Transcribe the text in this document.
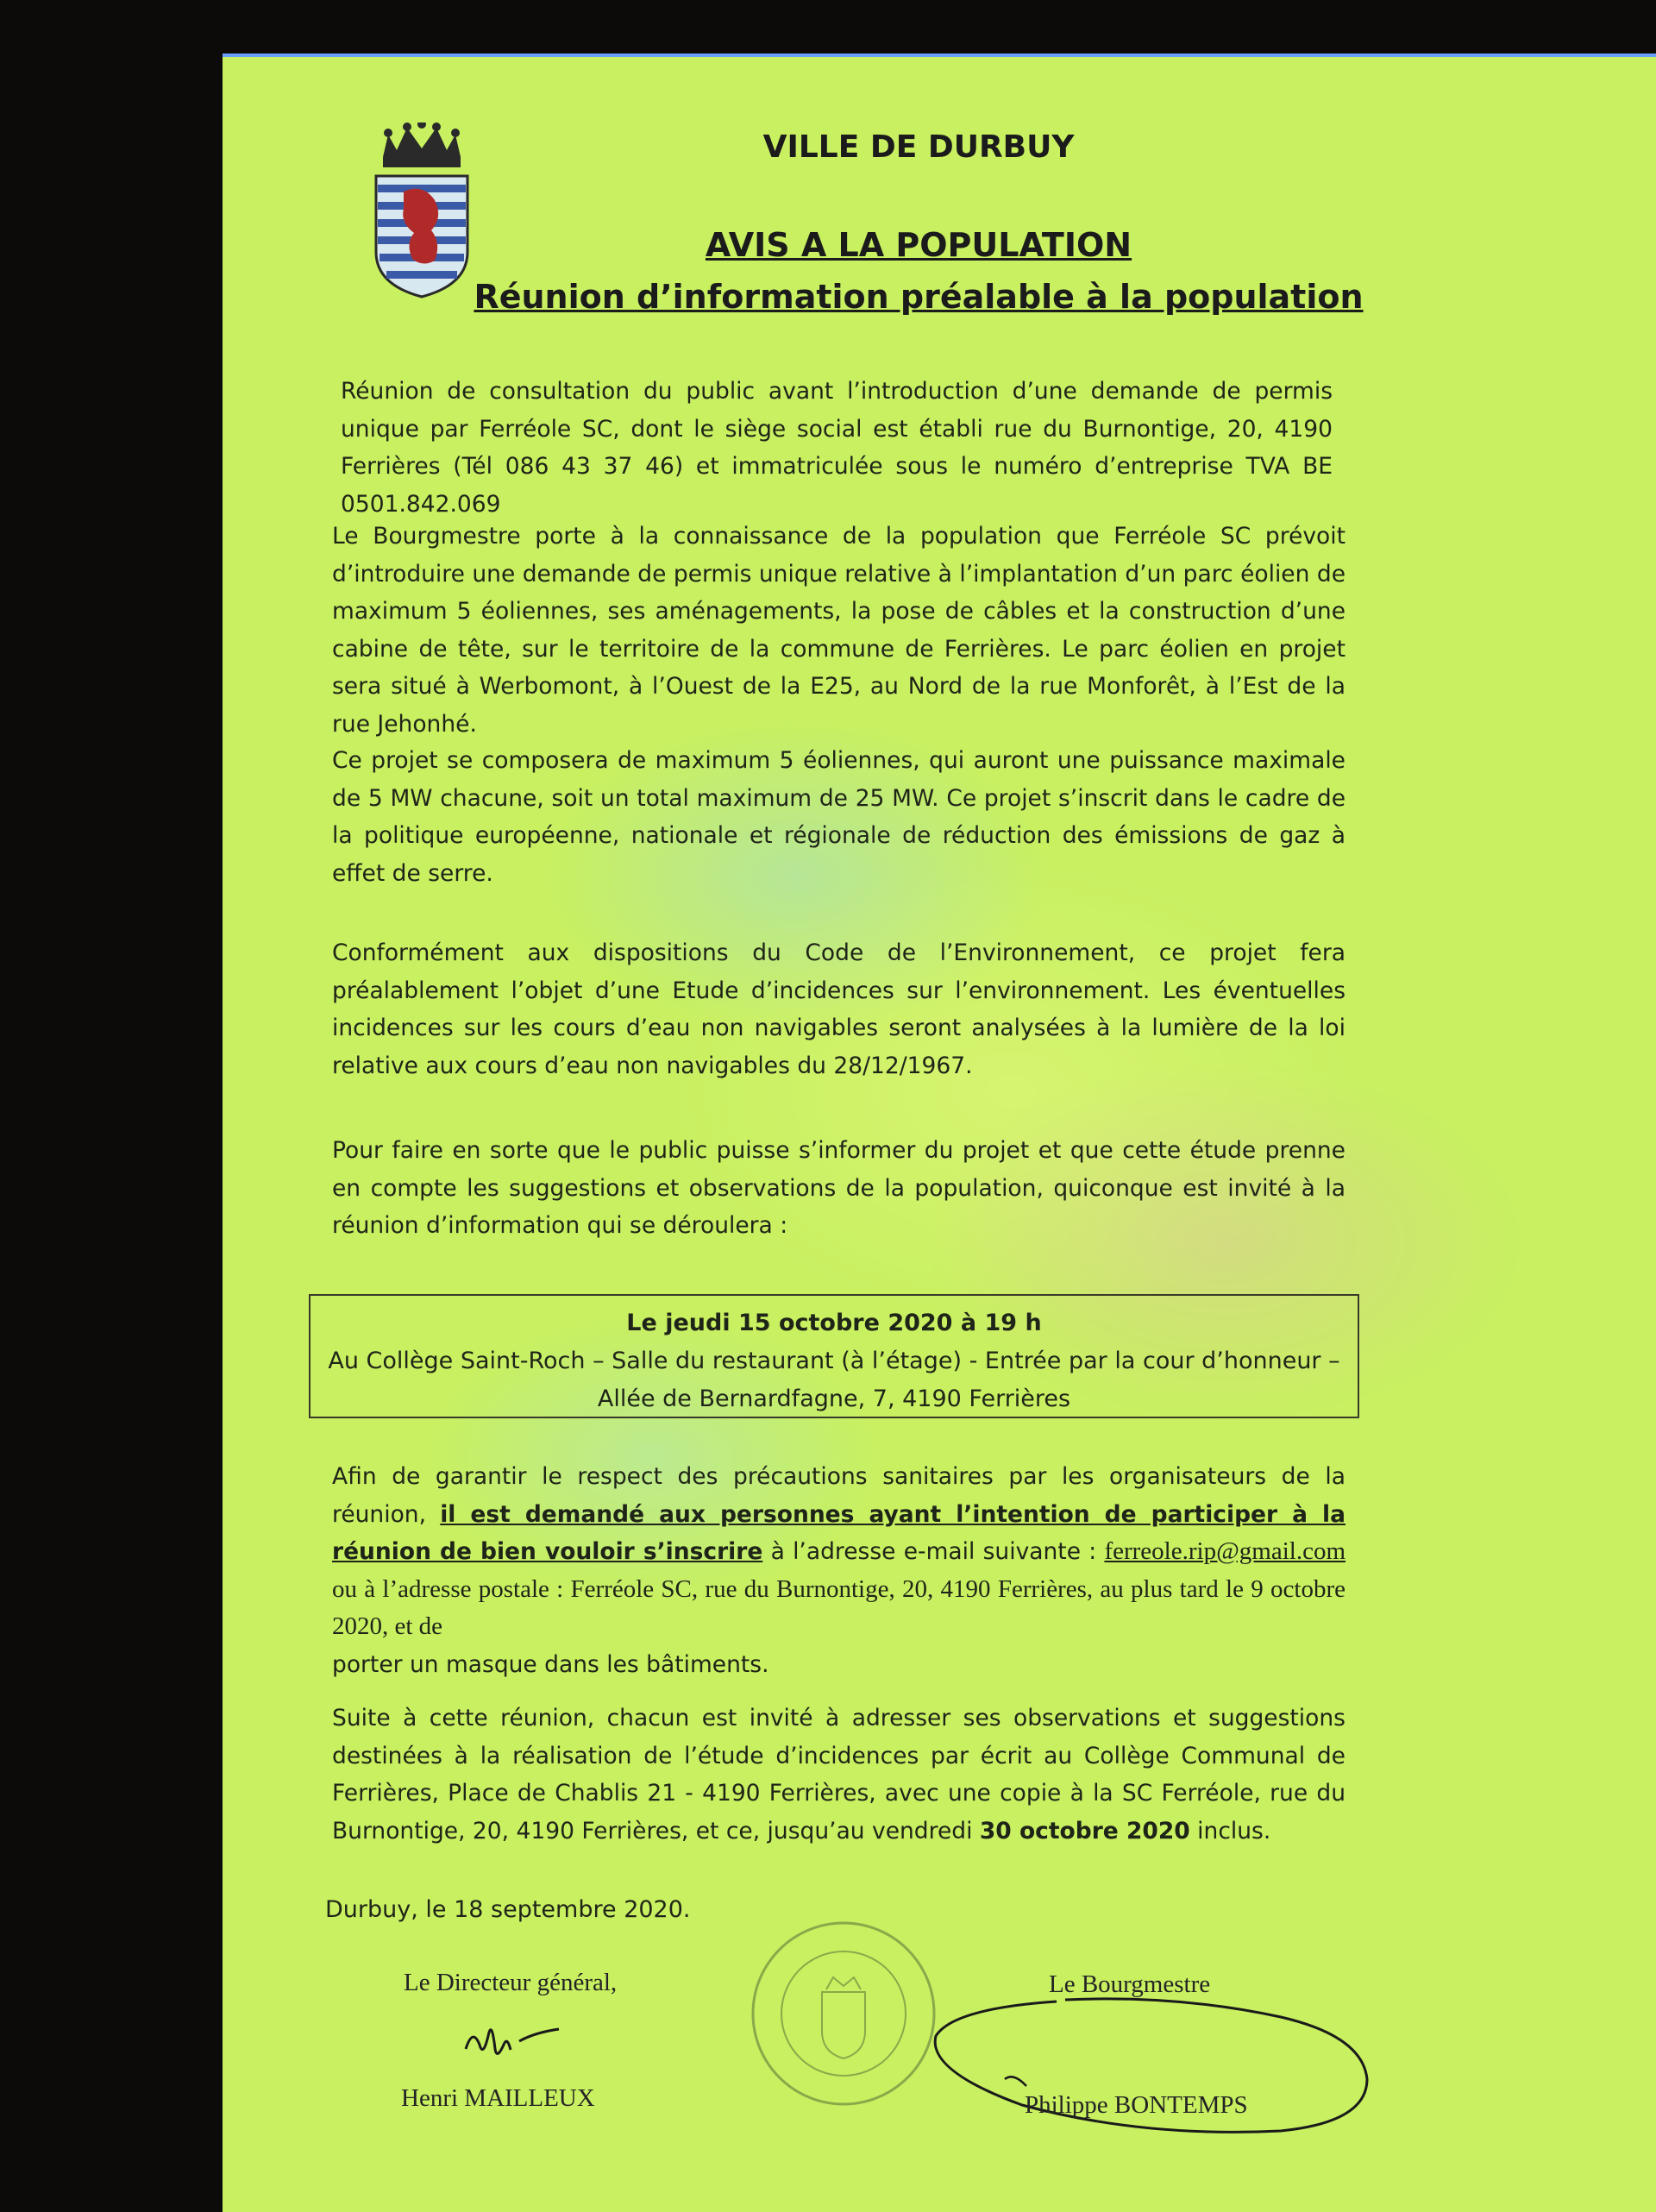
VILLE DE DURBUY
AVIS A LA POPULATION
Réunion d’information préalable à la population
Réunion de consultation du public avant l’introduction d’une demande de permis unique par Ferréole SC, dont le siège social est établi rue du Burnontige, 20, 4190 Ferrières (Tél 086 43 37 46) et immatriculée sous le numéro d’entreprise TVA BE 0501.842.069
Le Bourgmestre porte à la connaissance de la population que Ferréole SC prévoit d’introduire une demande de permis unique relative à l’implantation d’un parc éolien de maximum 5 éoliennes, ses aménagements, la pose de câbles et la construction d’une cabine de tête, sur le territoire de la commune de Ferrières. Le parc éolien en projet sera situé à Werbomont, à l’Ouest de la E25, au Nord de la rue Monforêt, à l’Est de la rue Jehonhé.
Ce projet se composera de maximum 5 éoliennes, qui auront une puissance maximale de 5 MW chacune, soit un total maximum de 25 MW. Ce projet s’inscrit dans le cadre de la politique européenne, nationale et régionale de réduction des émissions de gaz à effet de serre.
Conformément aux dispositions du Code de l’Environnement, ce projet fera préalablement l’objet d’une Etude d’incidences sur l’environnement. Les éventuelles incidences sur les cours d’eau non navigables seront analysées à la lumière de la loi relative aux cours d’eau non navigables du 28/12/1967.
Pour faire en sorte que le public puisse s’informer du projet et que cette étude prenne en compte les suggestions et observations de la population, quiconque est invité à la réunion d’information qui se déroulera :
Le jeudi 15 octobre 2020 à 19 h
Au Collège Saint-Roch – Salle du restaurant (à l’étage) - Entrée par la cour d’honneur –
Allée de Bernardfagne, 7, 4190 Ferrières
Afin de garantir le respect des précautions sanitaires par les organisateurs de la réunion, il est demandé aux personnes ayant l’intention de participer à la réunion de bien vouloir s’inscrire à l’adresse e-mail suivante : ferreole.rip@gmail.com ou à l’adresse postale : Ferréole SC, rue du Burnontige, 20, 4190 Ferrières, au plus tard le 9 octobre 2020, et de
porter un masque dans les bâtiments.
Suite à cette réunion, chacun est invité à adresser ses observations et suggestions destinées à la réalisation de l’étude d’incidences par écrit au Collège Communal de Ferrières, Place de Chablis 21 - 4190 Ferrières, avec une copie à la SC Ferréole, rue du Burnontige, 20, 4190 Ferrières, et ce, jusqu’au vendredi 30 octobre 2020 inclus.
Durbuy, le 18 septembre 2020.
Le Directeur général,	Le Bourgmestre
Henri MAILLEUX	Philippe BONTEMPS
